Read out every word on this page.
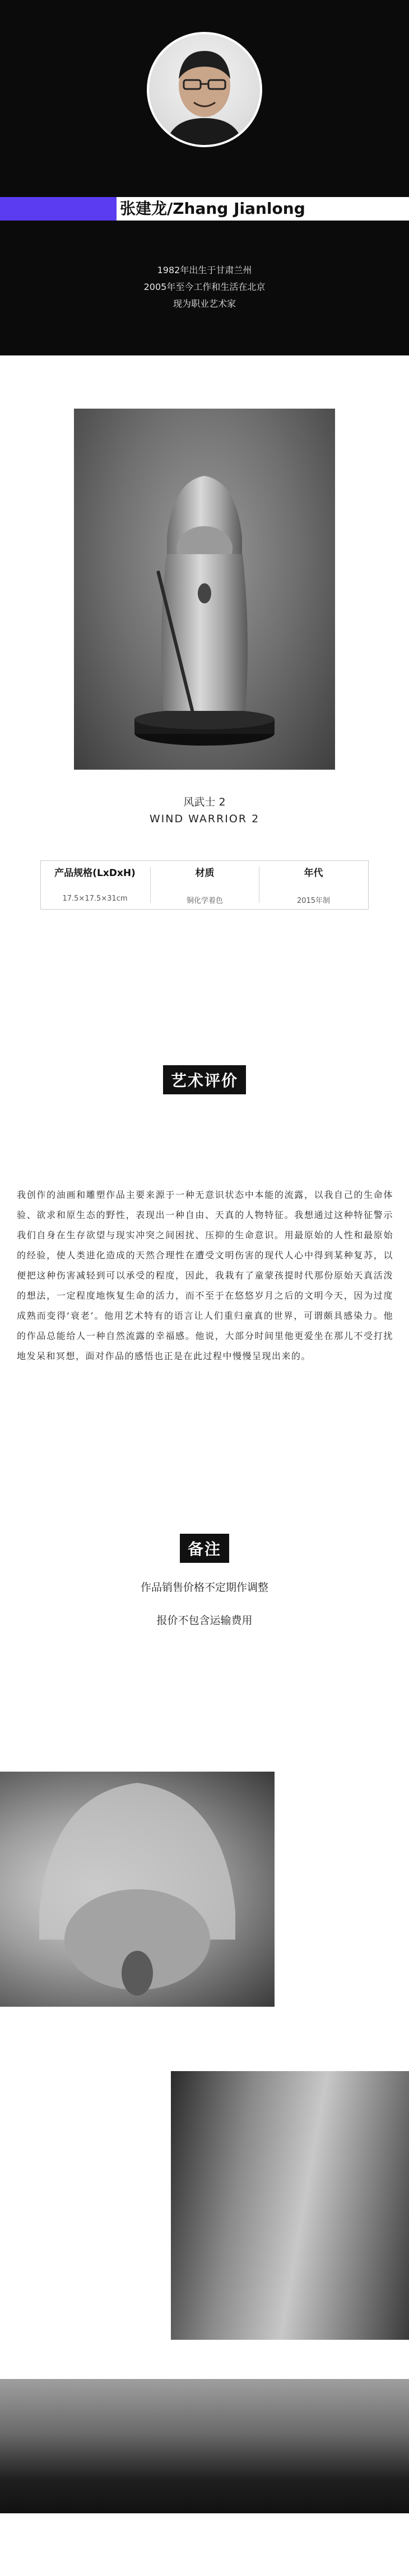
张建龙/Zhang Jianlong
1982年出生于甘肃兰州
2005年至今工作和生活在北京
现为职业艺术家
风武士 2
WIND WARRIOR 2
产品规格(LxDxH)
17.5×17.5×31cm
材质
铜化学着色
年代
2015年制
艺术评价
我创作的油画和雕塑作品主要来源于一种无意识状态中本能的流露，以我自己的生命体验、欲求和原生态的野性，表现出一种自由、天真的人物特征。我想通过这种特征警示我们自身在生存欲望与现实冲突之间困扰、压抑的生命意识。用最原始的人性和最原始的经验，使人类进化造成的天然合理性在遭受文明伤害的现代人心中得到某种复苏，以便把这种伤害减轻到可以承受的程度，因此，我栽有了童蒙孩提时代那份原始天真活泼的想法，一定程度地恢复生命的活力，而不至于在悠悠岁月之后的文明今天，因为过度成熟而变得‘衰老’。他用艺术特有的语言让人们重归童真的世界，可谓颇具感染力。他的作品总能给人一种自然流露的幸福感。他说，大部分时间里他更爱坐在那儿不受打扰地发呆和冥想，面对作品的感悟也正是在此过程中慢慢呈现出来的。
备注
作品销售价格不定期作调整
报价不包含运输费用
